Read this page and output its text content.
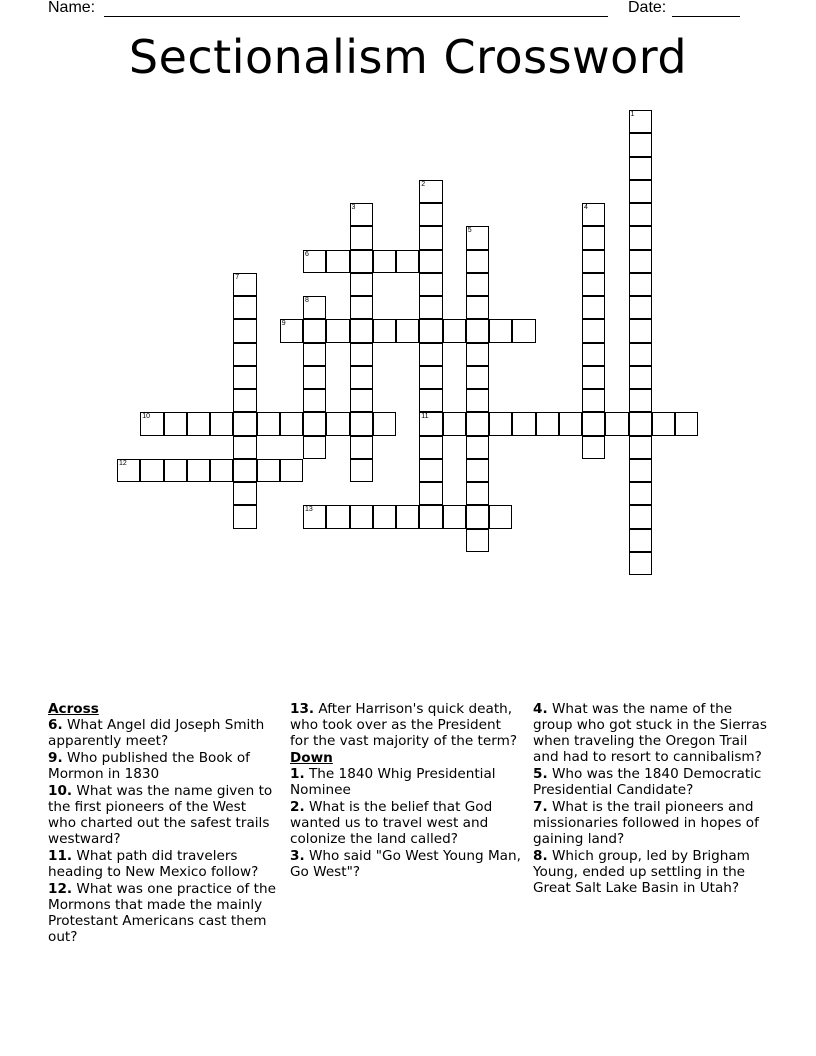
Name:	Date:
Sectionalism Crossword
1
2
11
3	4
5
6
7
8
9
10
12
13
Across
6. What Angel did Joseph Smith apparently meet?
9. Who published the Book of Mormon in 1830
10. What was the name given to the first pioneers of the West who charted out the safest trails westward?
11. What path did travelers heading to New Mexico follow?
12. What was one practice of the Mormons that made the mainly Protestant Americans cast them out?
13. After Harrison's quick death, who took over as the President for the vast majority of the term?
Down
1. The 1840 Whig Presidential Nominee
2. What is the belief that God wanted us to travel west and colonize the land called?
3. Who said "Go West Young Man, Go West"?
4. What was the name of the group who got stuck in the Sierras when traveling the Oregon Trail and had to resort to cannibalism?
5. Who was the 1840 Democratic Presidential Candidate?
7. What is the trail pioneers and missionaries followed in hopes of gaining land?
8. Which group, led by Brigham Young, ended up settling in the Great Salt Lake Basin in Utah?
